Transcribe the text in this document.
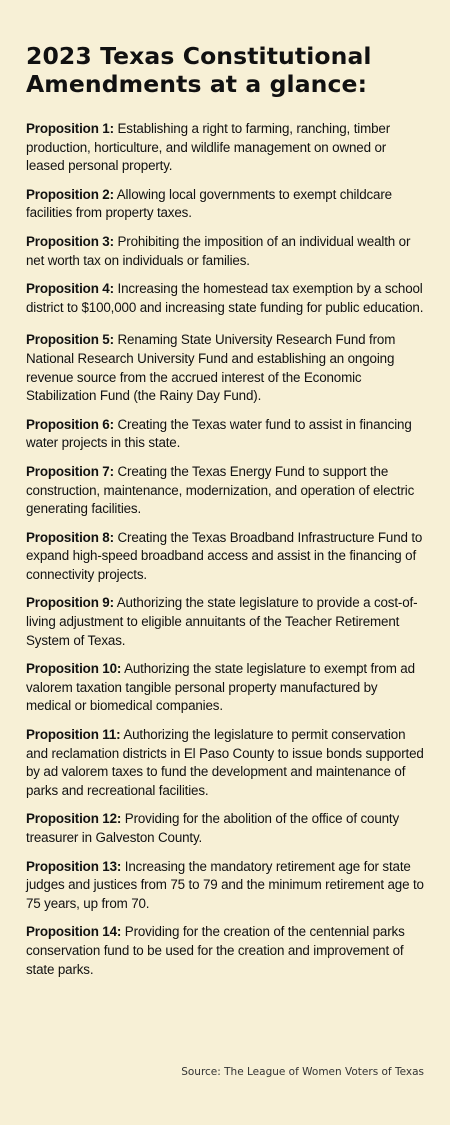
2023 Texas Constitutional
Amendments at a glance:

Proposition 1: Establishing a right to farming, ranching, timber production, horticulture, and wildlife management on owned or leased personal property.

Proposition 2: Allowing local governments to exempt childcare facilities from property taxes.

Proposition 3: Prohibiting the imposition of an individual wealth or net worth tax on individuals or families.

Proposition 4: Increasing the homestead tax exemption by a school district to $100,000 and increasing state funding for public education.

Proposition 5: Renaming State University Research Fund from National Research University Fund and establishing an ongoing revenue source from the accrued interest of the Economic Stabilization Fund (the Rainy Day Fund).

Proposition 6: Creating the Texas water fund to assist in financing water projects in this state.

Proposition 7: Creating the Texas Energy Fund to support the construction, maintenance, modernization, and operation of electric generating facilities.

Proposition 8: Creating the Texas Broadband Infrastructure Fund to expand high-speed broadband access and assist in the financing of connectivity projects.

Proposition 9: Authorizing the state legislature to provide a cost-of-living adjustment to eligible annuitants of the Teacher Retirement System of Texas.

Proposition 10: Authorizing the state legislature to exempt from ad valorem taxation tangible personal property manufactured by medical or biomedical companies.

Proposition 11: Authorizing the legislature to permit conservation and reclamation districts in El Paso County to issue bonds supported by ad valorem taxes to fund the development and maintenance of parks and recreational facilities.

Proposition 12: Providing for the abolition of the office of county treasurer in Galveston County.

Proposition 13: Increasing the mandatory retirement age for state judges and justices from 75 to 79 and the minimum retirement age to 75 years, up from 70.

Proposition 14: Providing for the creation of the centennial parks conservation fund to be used for the creation and improvement of state parks.

Source: The League of Women Voters of Texas
